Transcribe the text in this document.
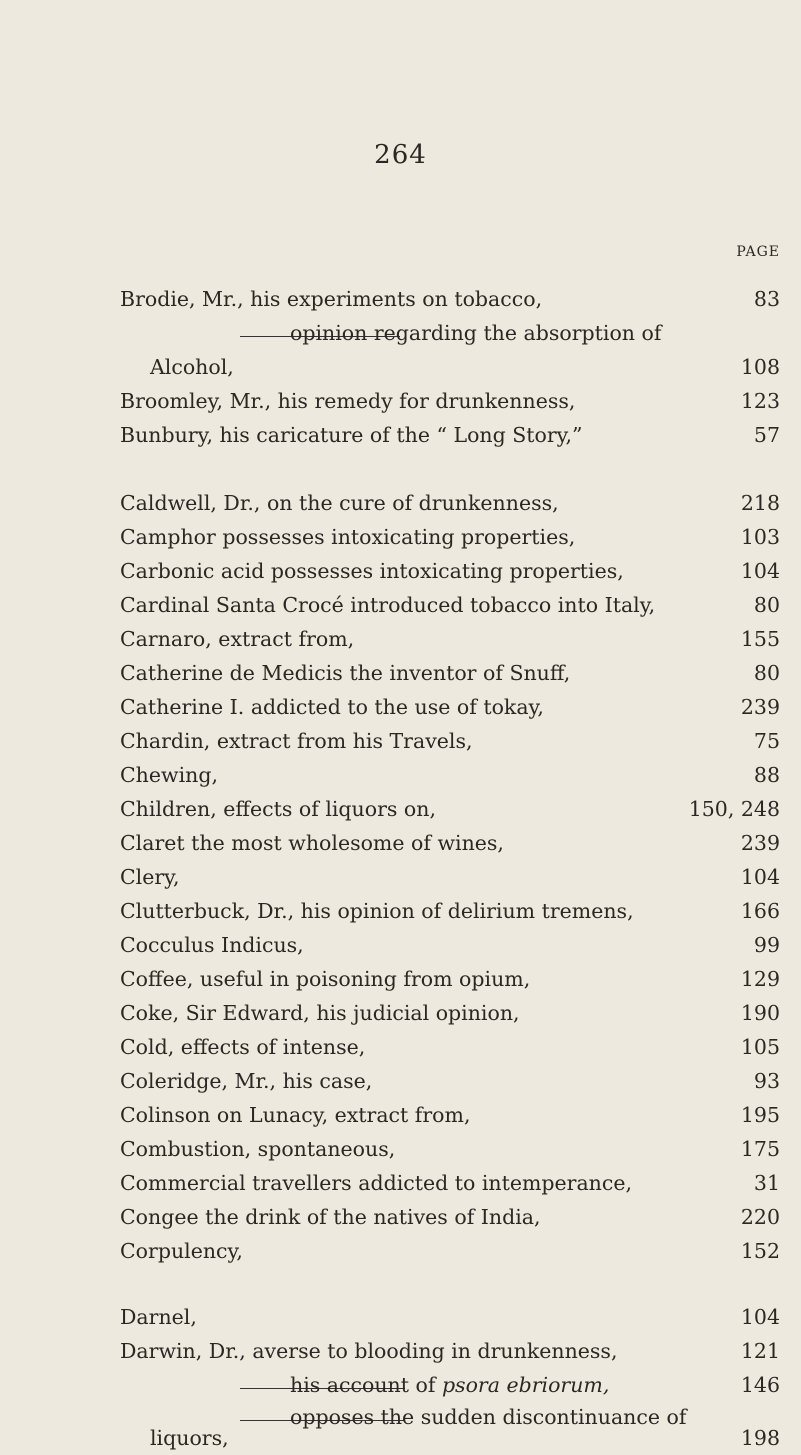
264
PAGE
Brodie, Mr., his experiments on tobacco,	83
opinion regarding the absorption of
Alcohol,	108
Broomley, Mr., his remedy for drunkenness,	123
Bunbury, his caricature of the “ Long Story,”	57
Caldwell, Dr., on the cure of drunkenness,	218
Camphor possesses intoxicating properties,	103
Carbonic acid possesses intoxicating properties,	104
Cardinal Santa Crocé introduced tobacco into Italy,	80
Carnaro, extract from,	155
Catherine de Medicis the inventor of Snuff,	80
Catherine I. addicted to the use of tokay,	239
Chardin, extract from his Travels,	75
Chewing,	88
Children, effects of liquors on,	150, 248
Claret the most wholesome of wines,	239
Clery,	104
Clutterbuck, Dr., his opinion of delirium tremens,	166
Cocculus Indicus,	99
Coffee, useful in poisoning from opium,	129
Coke, Sir Edward, his judicial opinion,	190
Cold, effects of intense,	105
Coleridge, Mr., his case,	93
Colinson on Lunacy, extract from,	195
Combustion, spontaneous,	175
Commercial travellers addicted to intemperance,	31
Congee the drink of the natives of India,	220
Corpulency,	152
Darnel,	104
Darwin, Dr., averse to blooding in drunkenness,	121
his account of psora ebriorum,	146
opposes the sudden discontinuance of
liquors,	198
